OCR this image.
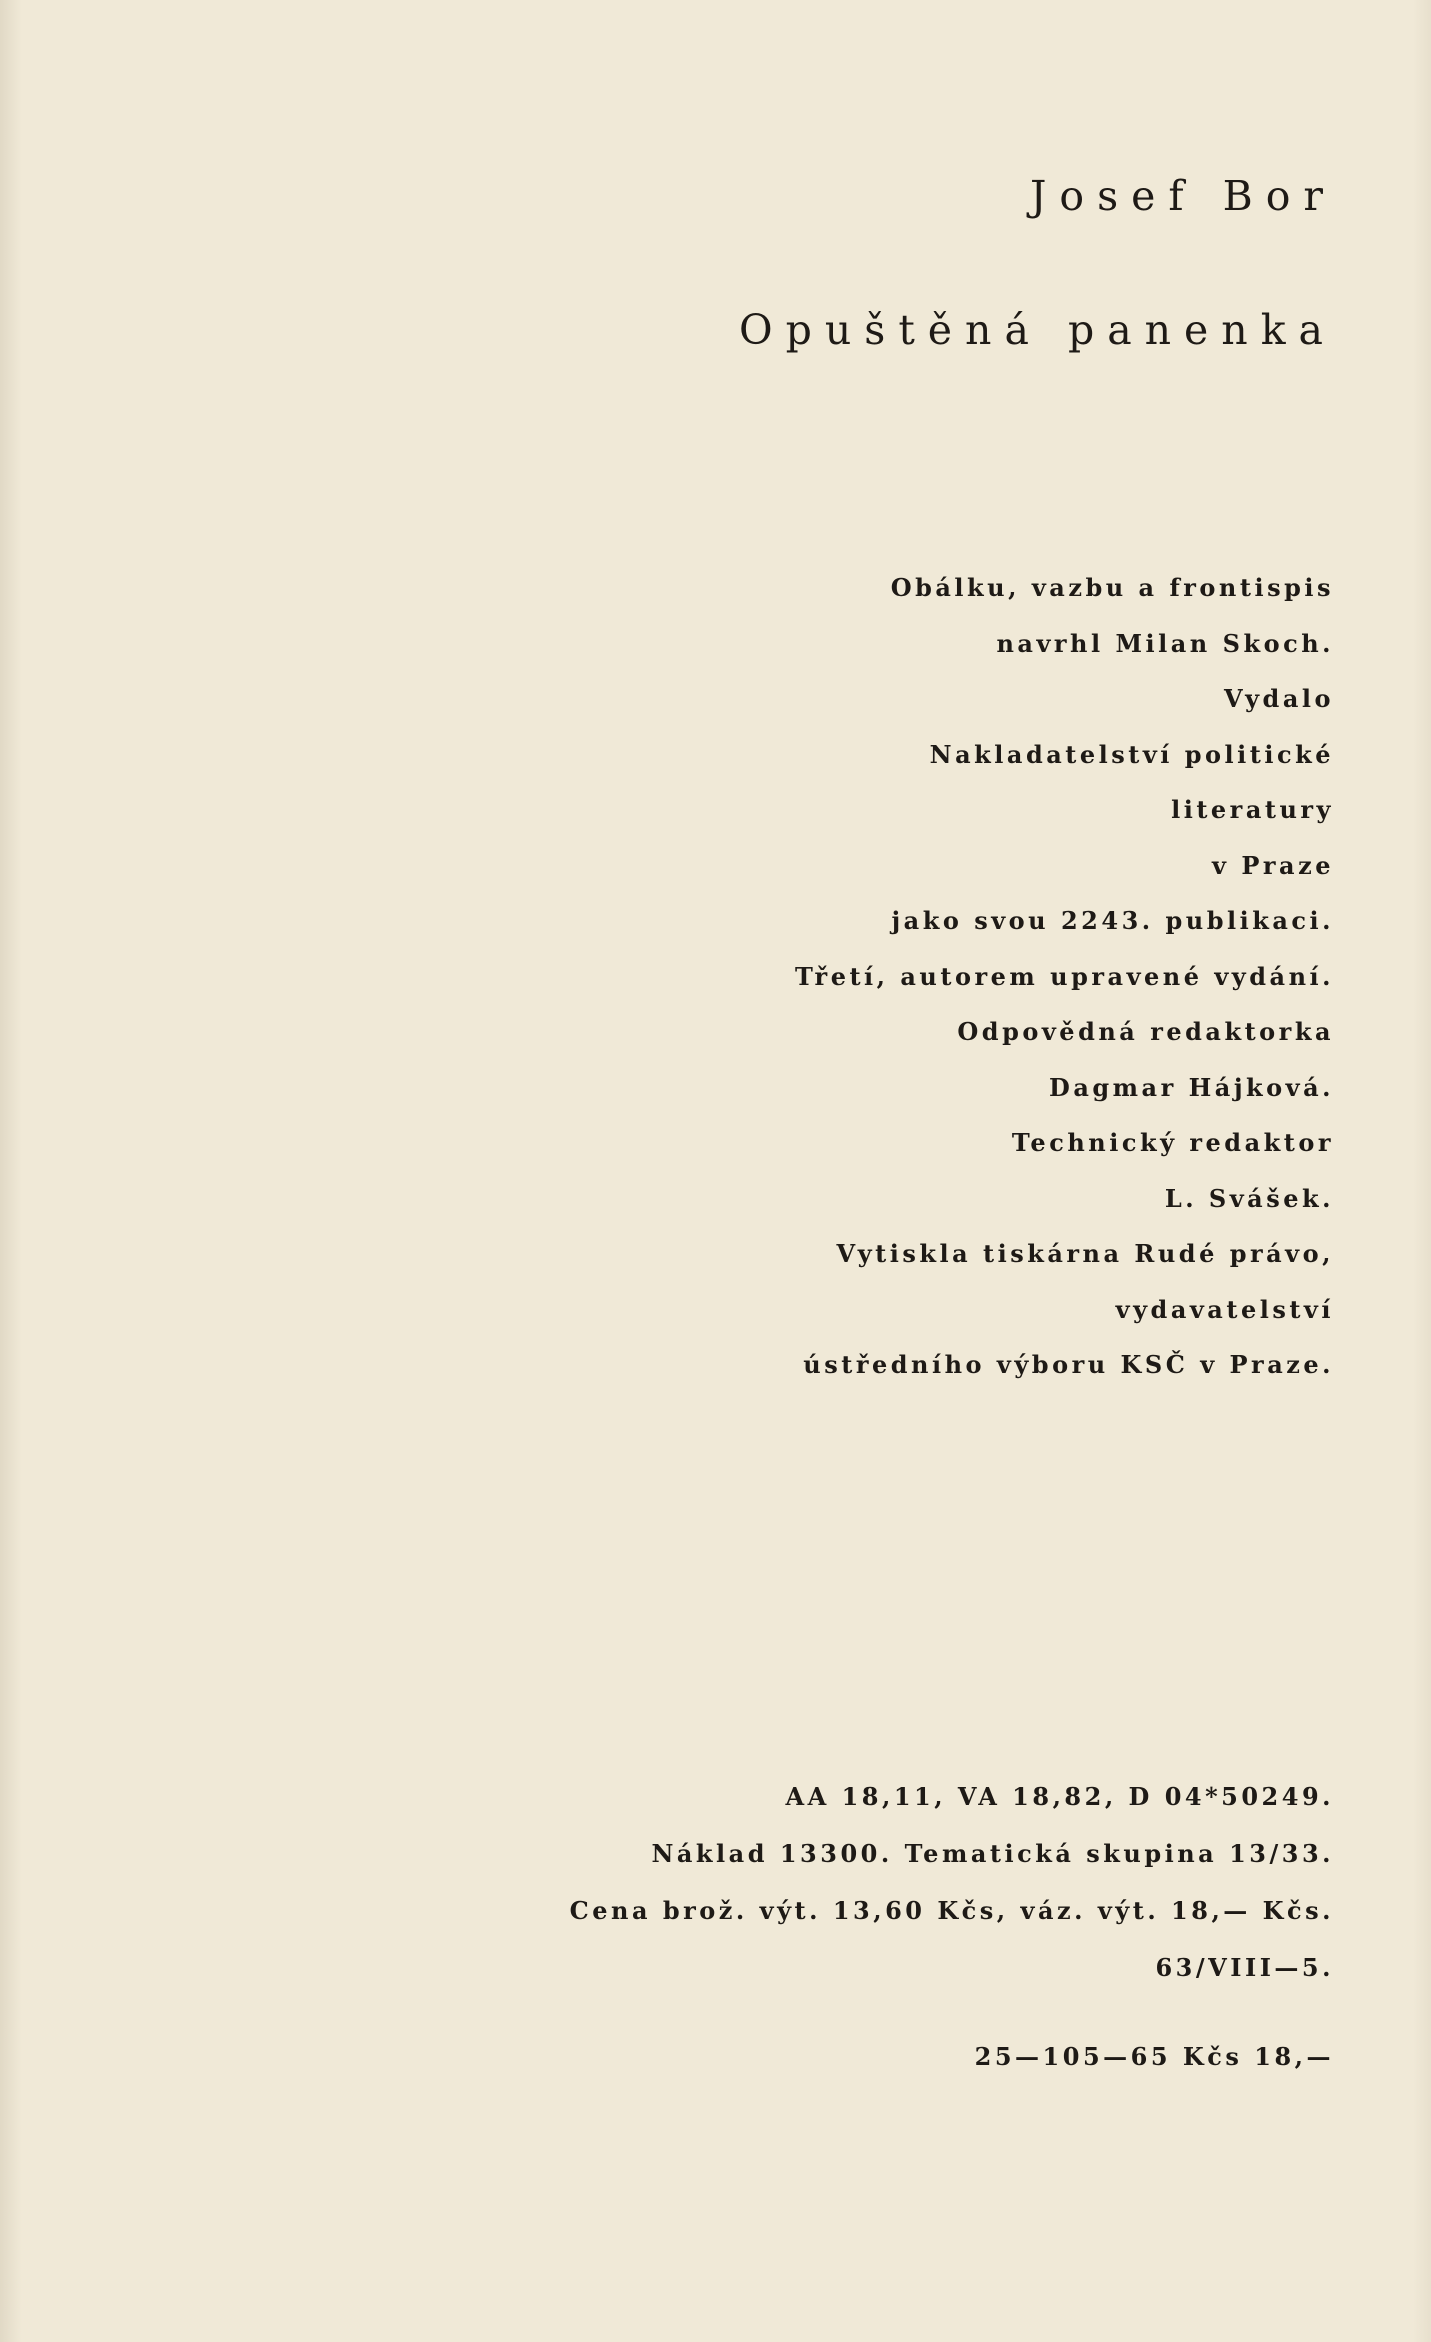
Josef Bor
Opuštěná panenka
Obálku, vazbu a frontispis
navrhl Milan Skoch.
Vydalo
Nakladatelství politické
literatury
v Praze
jako svou 2243. publikaci.
Třetí, autorem upravené vydání.
Odpovědná redaktorka
Dagmar Hájková.
Technický redaktor
L. Svášek.
Vytiskla tiskárna Rudé právo,
vydavatelství
ústředního výboru KSČ v Praze.
AA 18,11, VA 18,82, D 04*50249.
Náklad 13300. Tematická skupina 13/33.
Cena brož. výt. 13,60 Kčs, váz. výt. 18,— Kčs.
63/VIII—5.
25—105—65 Kčs 18,—
